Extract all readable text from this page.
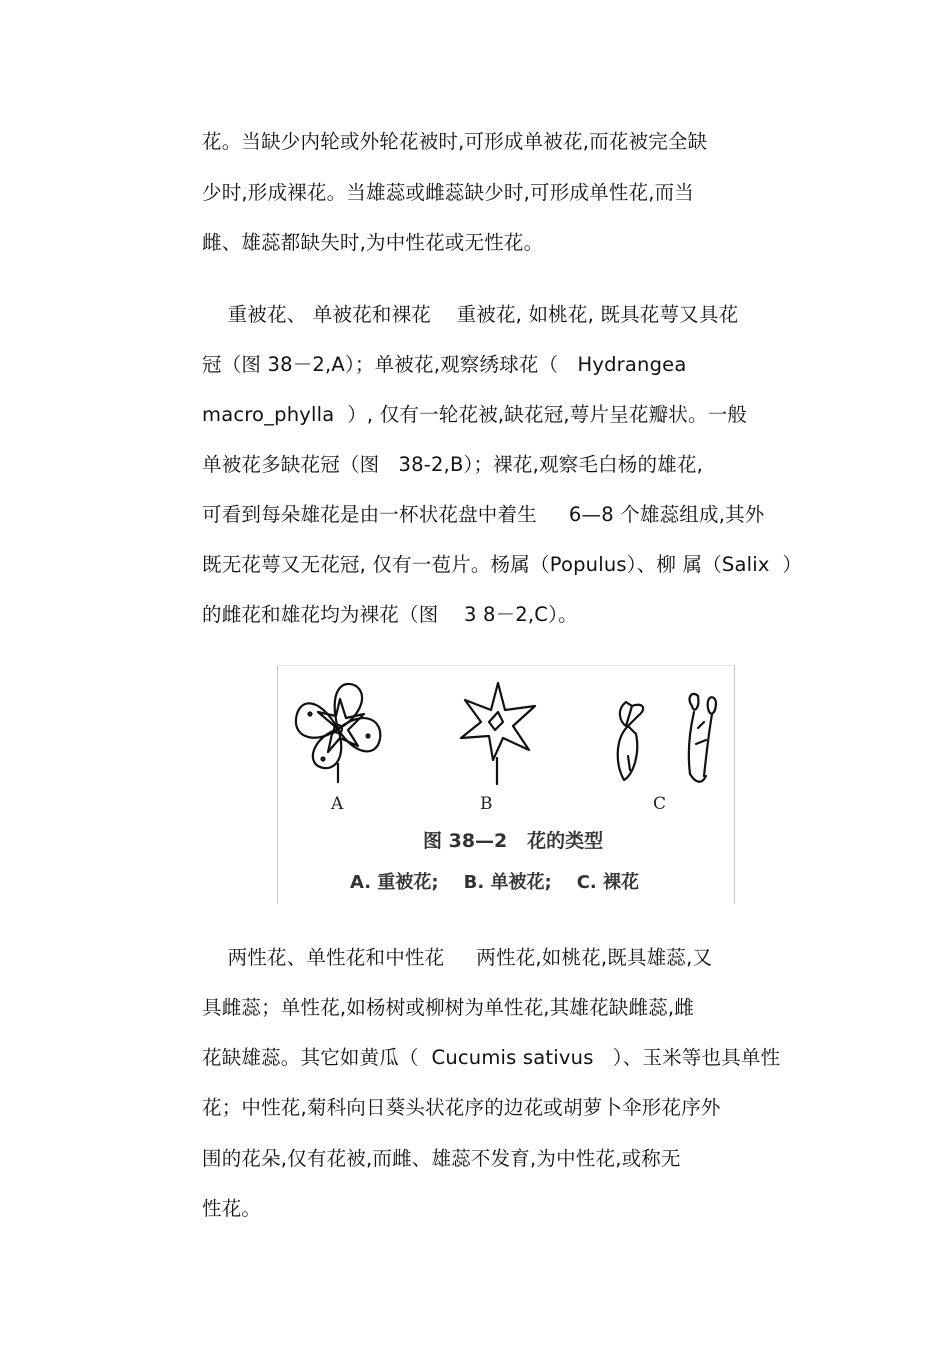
花。当缺少内轮或外轮花被时,可形成单被花,而花被完全缺
少时,形成裸花。当雄蕊或雌蕊缺少时,可形成单性花,而当
雌、雄蕊都缺失时,为中性花或无性花。
重被花、 单被花和裸花    重被花, 如桃花, 既具花萼又具花
冠（图 38－2,A）；单被花,观察绣球花（   Hydrangea
macro_phylla  ）, 仅有一轮花被,缺花冠,萼片呈花瓣状。一般
单被花多缺花冠（图   38-2,B）；裸花,观察毛白杨的雄花,
可看到每朵雄花是由一杯状花盘中着生     6—8 个雄蕊组成,其外
既无花萼又无花冠, 仅有一苞片。杨属（Populus）、柳 属（Salix  ）
的雌花和雄花均为裸花（图    3 8－2,C）。
A	B	C
图 38—2   花的类型
A. 重被花;    B. 单被花;    C. 裸花
两性花、单性花和中性花     两性花,如桃花,既具雄蕊,又
具雌蕊；单性花,如杨树或柳树为单性花,其雄花缺雌蕊,雌
花缺雄蕊。其它如黄瓜（  Cucumis sativus   ）、玉米等也具单性
花；中性花,菊科向日葵头状花序的边花或胡萝卜伞形花序外
围的花朵,仅有花被,而雌、雄蕊不发育,为中性花,或称无
性花。
